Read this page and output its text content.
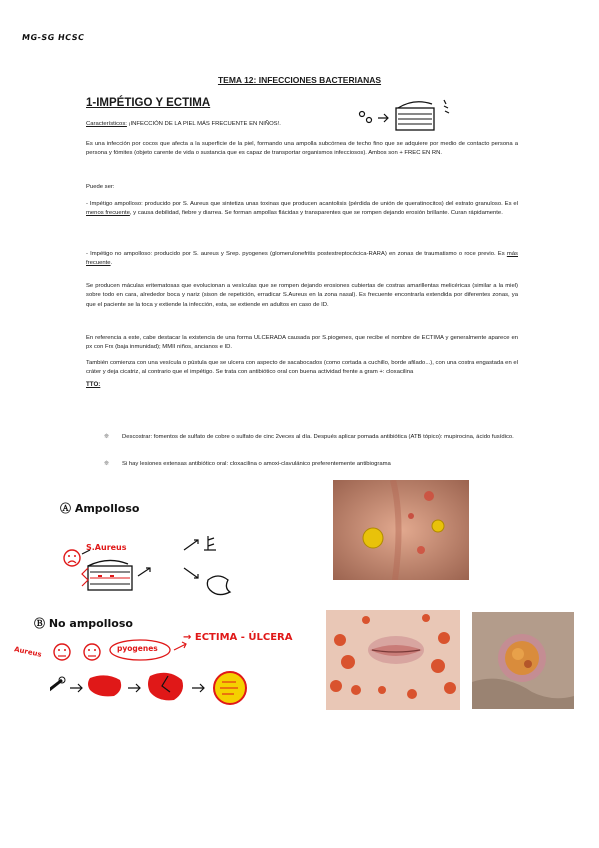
MG-SG HCSC
TEMA 12: INFECCIONES BACTERIANAS
1-IMPÉTIGO Y ECTIMA
Característicos: ¡INFECCIÓN DE LA PIEL MÁS FRECUENTE EN NIÑOS!.
Es una infección por cocos que afecta a la superficie de la piel, formando una ampolla subcórnea de techo fino que se adquiere por medio de contacto persona a persona y fómites (objeto carente de vida o sustancia que es capaz de transportar organismos infecciosos). Ambos son + FREC EN RN.
Puede ser:
- Impétigo ampolloso: producido por S. Aureus que sintetiza unas toxinas que producen acantolisis (pérdida de unión de queratinocitos) del estrato granuloso. Es el menos frecuente, y causa debilidad, fiebre y diarrea. Se forman ampollas flácidas y transparentes que se rompen dejando erosión brillante. Curan rápidamente.
- Impétigo no ampolloso: producido por S. aureus y Srep. pyogenes (glomerulonefritis postestreptocócica-RARA) en zonas de traumatismo o roce previo. Es más frecuente.
Se producen máculas eritematosas que evolucionan a vesículas que se rompen dejando erosiones cubiertas de costras amarillentas melicéricas (similar a la miel) sobre todo en cara, alrededor boca y nariz (sison de repetición, erradicar S.Aureus en la zona nasal). Es frecuente encontrarla extendida por diferentes zonas, ya que el paciente se la toca y extiende la infección, esta, se extiende en adultos en caso de ID.
En referencia a este, cabe destacar la existencia de una forma ULCERADA causada por S.piogenes, que recibe el nombre de ECTIMA y generalmente aparece en px con Frx (baja inmunidad); MMII niños, ancianos e ID.
También comienza con una vesícula o pústula que se ulcera con aspecto de sacabocados (como cortada a cuchillo, borde afilado...), con una costra engastada en el cráter y deja cicatriz, al contrario que el impétigo. Se trata con antibiótico oral con buena actividad frente a gram +: cloxacilina
TTO:
❊ Descostrar: fomentos de sulfato de cobre o sulfato de cinc 2veces al día. Después aplicar pomada antibiótica (ATB tópico): mupirocina, ácido fusídico.
❊ Si hay lesiones extensas antibiótico oral: cloxacilina o amoxi-clavulánico preferentemente antibiograma
Ⓐ Ampolloso
S.Aureus
Ⓑ No ampolloso
Aureus	pyogenes
→ ECTIMA - ÚLCERA
